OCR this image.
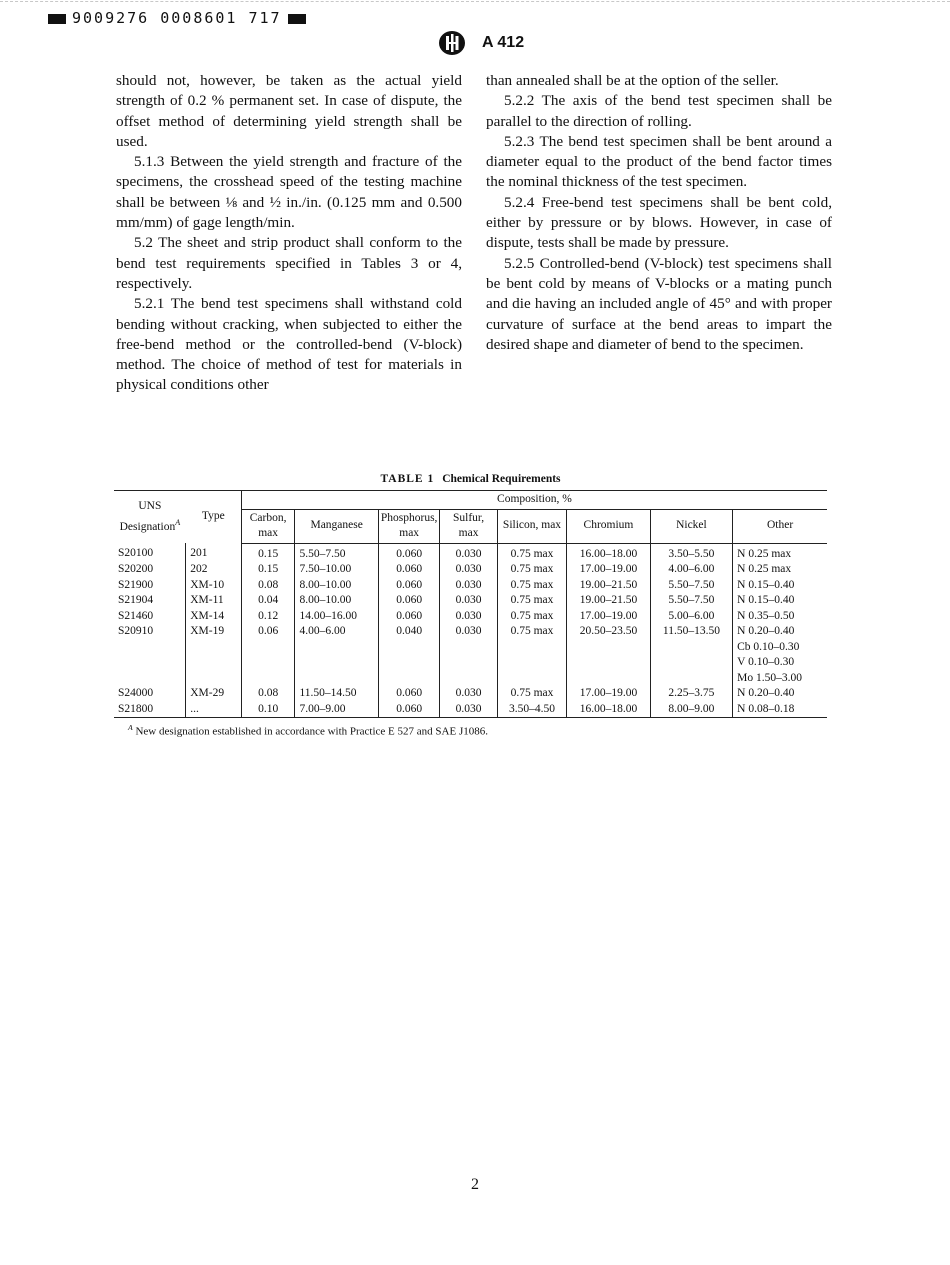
9009276 0008601 717
A 412

should not, however, be taken as the actual yield strength of 0.2 % permanent set. In case of dispute, the offset method of determining yield strength shall be used.

5.1.3 Between the yield strength and fracture of the specimens, the crosshead speed of the testing machine shall be between ⅛ and ½ in./in. (0.125 mm and 0.500 mm/mm) of gage length/min.

5.2 The sheet and strip product shall conform to the bend test requirements specified in Tables 3 or 4, respectively.

5.2.1 The bend test specimens shall withstand cold bending without cracking, when subjected to either the free-bend method or the controlled-bend (V-block) method. The choice of method of test for materials in physical conditions other

than annealed shall be at the option of the seller.

5.2.2 The axis of the bend test specimen shall be parallel to the direction of rolling.

5.2.3 The bend test specimen shall be bent around a diameter equal to the product of the bend factor times the nominal thickness of the test specimen.

5.2.4 Free-bend test specimens shall be bent cold, either by pressure or by blows. However, in case of dispute, tests shall be made by pressure.

5.2.5 Controlled-bend (V-block) test specimens shall be bent cold by means of V-blocks or a mating punch and die having an included angle of 45° and with proper curvature of surface at the bend areas to impart the desired shape and diameter of bend to the specimen.

TABLE 1 Chemical Requirements
UNS Designation$^A$	Type	Composition, %							
		Carbon, max	Manganese	Phosphorus, max	Sulfur, max	Silicon, max	Chromium	Nickel	Other
S20100	201	0.15	5.50–7.50	0.060	0.030	0.75 max	16.00–18.00	3.50–5.50	N 0.25 max
S20200	202	0.15	7.50–10.00	0.060	0.030	0.75 max	17.00–19.00	4.00–6.00	N 0.25 max
S21900	XM-10	0.08	8.00–10.00	0.060	0.030	0.75 max	19.00–21.50	5.50–7.50	N 0.15–0.40
S21904	XM-11	0.04	8.00–10.00	0.060	0.030	0.75 max	19.00–21.50	5.50–7.50	N 0.15–0.40
S21460	XM-14	0.12	14.00–16.00	0.060	0.030	0.75 max	17.00–19.00	5.00–6.00	N 0.35–0.50
S20910	XM-19	0.06	4.00–6.00	0.040	0.030	0.75 max	20.50–23.50	11.50–13.50	N 0.20–0.40
									Cb 0.10–0.30
									V 0.10–0.30
									Mo 1.50–3.00
S24000	XM-29	0.08	11.50–14.50	0.060	0.030	0.75 max	17.00–19.00	2.25–3.75	N 0.20–0.40
S21800	...	0.10	7.00–9.00	0.060	0.030	3.50–4.50	16.00–18.00	8.00–9.00	N 0.08–0.18
$^A$ New designation established in accordance with Practice E 527 and SAE J1086.
2
